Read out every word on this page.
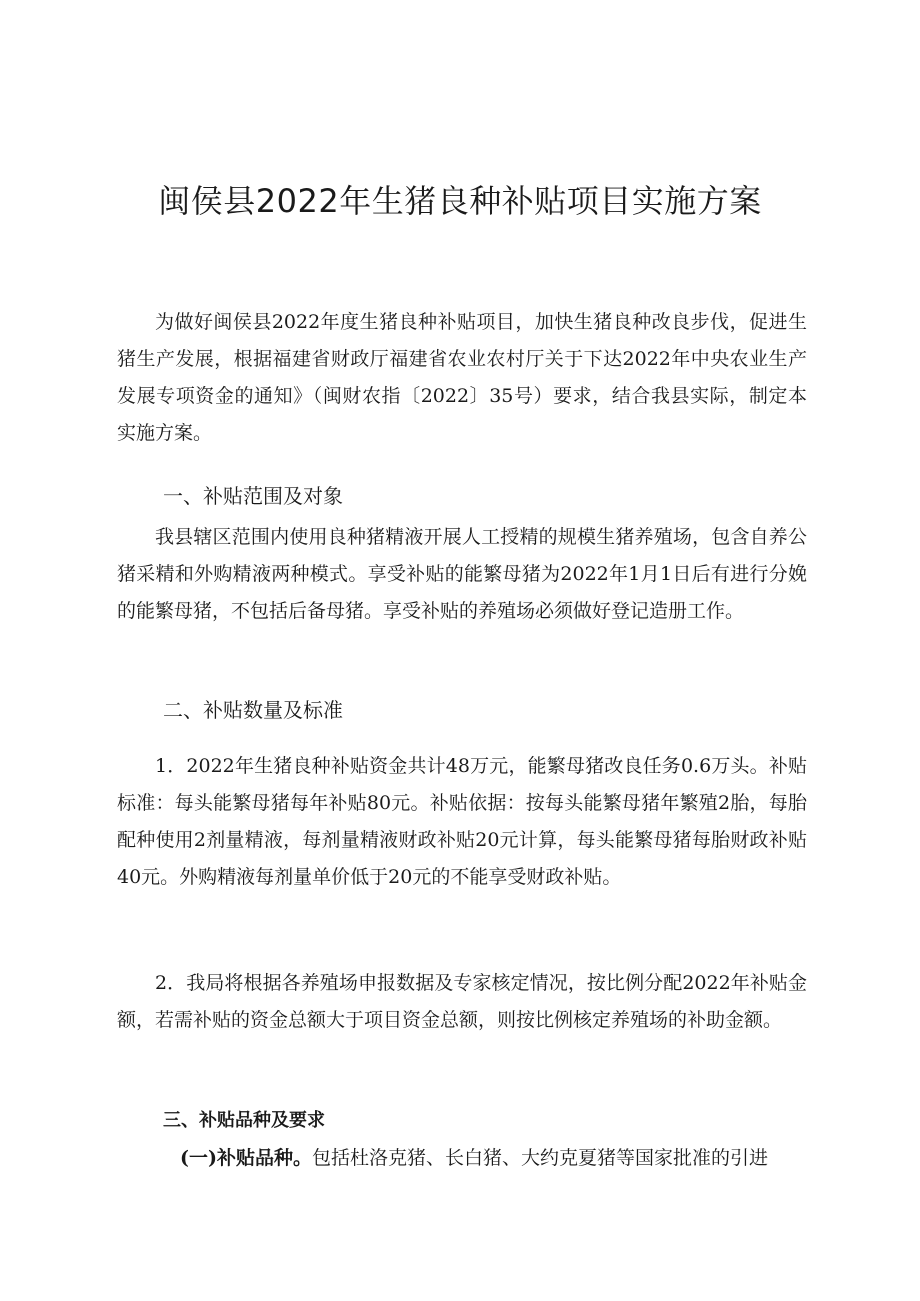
闽侯县2022年生猪良种补贴项目实施方案

为做好闽侯县2022年度生猪良种补贴项目，加快生猪良种改良步伐，促进生猪生产发展，根据福建省财政厅福建省农业农村厅关于下达2022年中央农业生产发展专项资金的通知》（闽财农指〔2022〕35号）要求，结合我县实际，制定本实施方案。

一、补贴范围及对象

我县辖区范围内使用良种猪精液开展人工授精的规模生猪养殖场，包含自养公猪采精和外购精液两种模式。享受补贴的能繁母猪为2022年1月1日后有进行分娩的能繁母猪，不包括后备母猪。享受补贴的养殖场必须做好登记造册工作。

二、补贴数量及标准

1．2022年生猪良种补贴资金共计48万元，能繁母猪改良任务0.6万头。补贴标准：每头能繁母猪每年补贴80元。补贴依据：按每头能繁母猪年繁殖2胎，每胎配种使用2剂量精液，每剂量精液财政补贴20元计算，每头能繁母猪每胎财政补贴40元。外购精液每剂量单价低于20元的不能享受财政补贴。

2．我局将根据各养殖场申报数据及专家核定情况，按比例分配2022年补贴金额，若需补贴的资金总额大于项目资金总额，则按比例核定养殖场的补助金额。

三、补贴品种及要求

(一)补贴品种。包括杜洛克猪、长白猪、大约克夏猪等国家批准的引进
